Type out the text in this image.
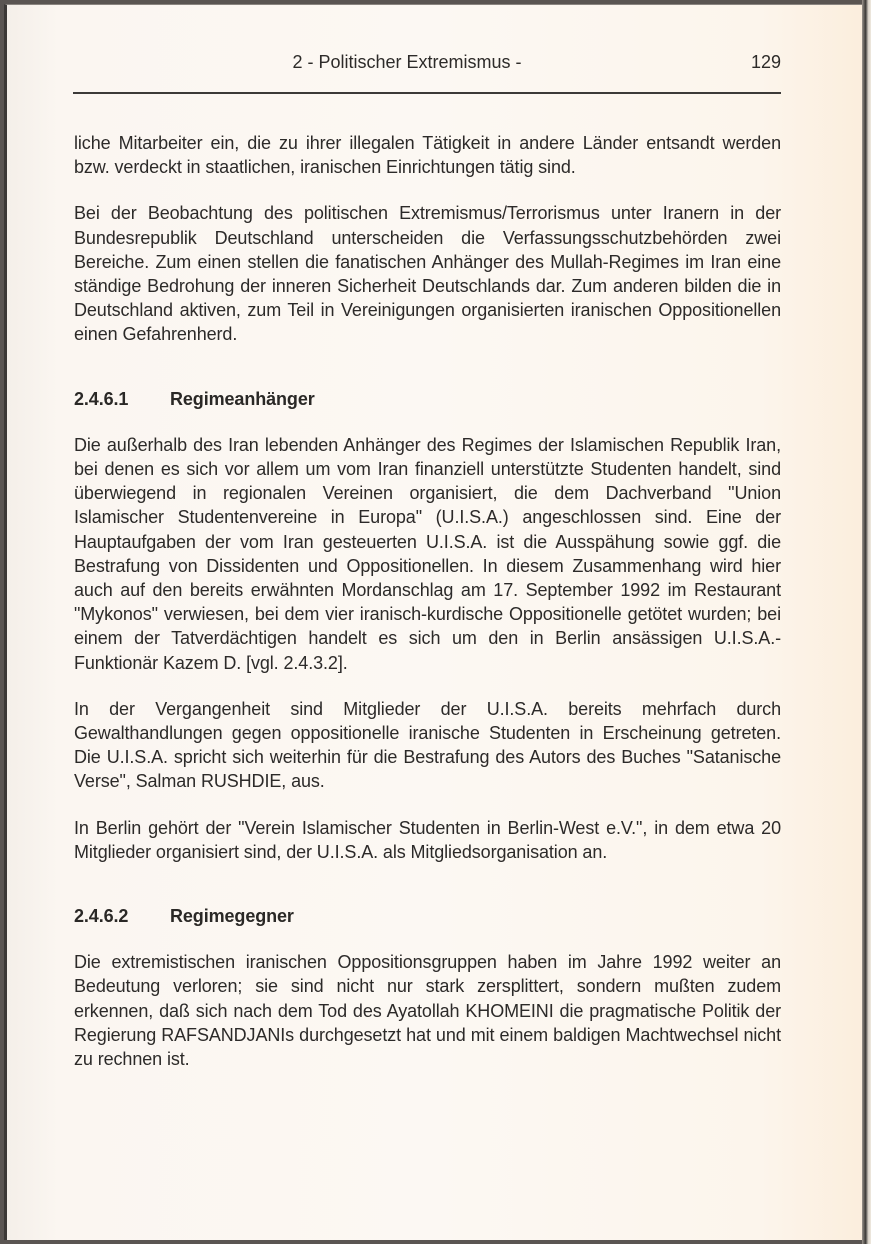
2 - Politischer Extremismus -	129

liche Mitarbeiter ein, die zu ihrer illegalen Tätigkeit in andere Länder entsandt werden bzw. verdeckt in staatlichen, iranischen Einrichtungen tätig sind.

Bei der Beobachtung des politischen Extremismus/Terrorismus unter Iranern in der Bundesrepublik Deutschland unterscheiden die Verfassungsschutzbehörden zwei Bereiche. Zum einen stellen die fanatischen Anhänger des Mullah-Regimes im Iran eine ständige Bedrohung der inneren Sicherheit Deutschlands dar. Zum anderen bilden die in Deutschland aktiven, zum Teil in Vereinigungen organisierten iranischen Oppositionellen einen Gefahrenherd.

2.4.6.1	Regimeanhänger

Die außerhalb des Iran lebenden Anhänger des Regimes der Islamischen Republik Iran, bei denen es sich vor allem um vom Iran finanziell unterstützte Studenten handelt, sind überwiegend in regionalen Vereinen organisiert, die dem Dachverband "Union Islamischer Studentenvereine in Europa" (U.I.S.A.) angeschlossen sind. Eine der Hauptaufgaben der vom Iran gesteuerten U.I.S.A. ist die Ausspähung sowie ggf. die Bestrafung von Dissidenten und Oppositionellen. In diesem Zusammenhang wird hier auch auf den bereits erwähnten Mordanschlag am 17. September 1992 im Restaurant "Mykonos" verwiesen, bei dem vier iranisch-kurdische Oppositionelle getötet wurden; bei einem der Tatverdächtigen handelt es sich um den in Berlin ansässigen U.I.S.A.-Funktionär Kazem D. [vgl. 2.4.3.2].

In der Vergangenheit sind Mitglieder der U.I.S.A. bereits mehrfach durch Gewalthandlungen gegen oppositionelle iranische Studenten in Erscheinung getreten. Die U.I.S.A. spricht sich weiterhin für die Bestrafung des Autors des Buches "Satanische Verse", Salman RUSHDIE, aus.

In Berlin gehört der "Verein Islamischer Studenten in Berlin-West e.V.", in dem etwa 20 Mitglieder organisiert sind, der U.I.S.A. als Mitgliedsorganisation an.

2.4.6.2	Regimegegner

Die extremistischen iranischen Oppositionsgruppen haben im Jahre 1992 weiter an Bedeutung verloren; sie sind nicht nur stark zersplittert, sondern mußten zudem erkennen, daß sich nach dem Tod des Ayatollah KHOMEINI die pragmatische Politik der Regierung RAFSANDJANIs durchgesetzt hat und mit einem baldigen Machtwechsel nicht zu rechnen ist.
